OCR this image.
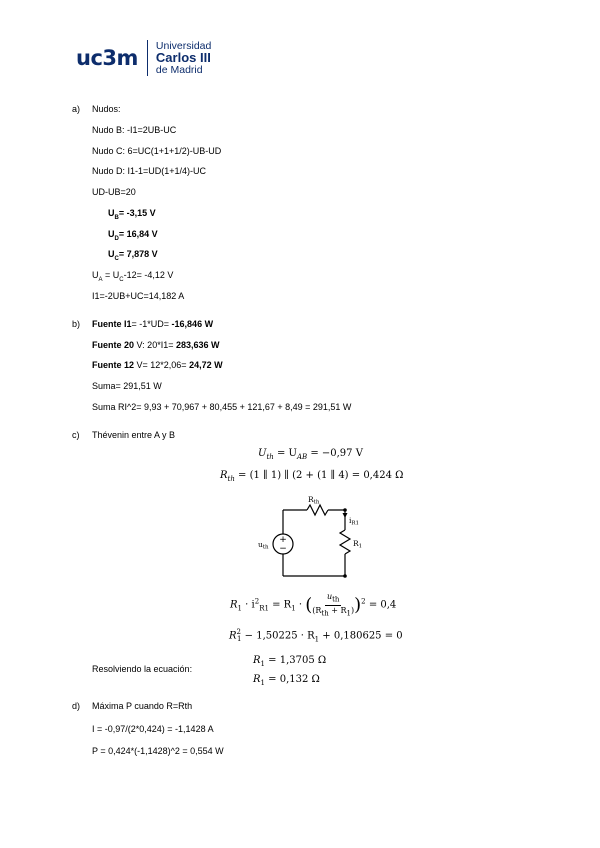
uc3m Universidad
Carlos III
de Madrid
a) Nudos:
Nudo B: -I1=2UB-UC
Nudo C: 6=UC(1+1+1/2)-UB-UD
Nudo D: I1-1=UD(1+1/4)-UC
UD-UB=20
$U_B= -3,15$ V
$U_D= 16,84$ V
$U_C= 7,878$ V
$U_A = U_C-12= -4,12$ V
I1=-2UB+UC=14,182 A
b) Fuente I1= -1*UD= -16,846 W
Fuente 20 V: 20*I1= 283,636 W
Fuente 12 V= 12*2,06= 24,72 W
Suma= 291,51 W
Suma RI^2= 9,93 + 70,967 + 80,455 + 121,67 + 8,49 = 291,51 W
c) Thévenin entre A y B
$U_{th} = U_{AB} = -0,97$ V
$R_{th} = (1$ ∥ 1) ∥ (2 + (1 ∥ 4) = 0,424 Ω
+
−
$R_{th}$
$u_{th}$
$i_{R1}$
$R_1$
$R_1 \cdot i^2_{R1} = R_1$ · ( $\frac{u_{th}}{(R_{th} + R_1)} )^2 = 0,4$
$R^2_1 - 1,50225 \cdot R_1 + 0,180625 = 0$
Resolviendo la ecuación:
$R_1 = 1,3705$ Ω
$R_1 = 0,132$ Ω
d) Máxima P cuando R=Rth
I = -0,97/(2*0,424) = -1,1428 A
P = 0,424*(-1,1428)^2 = 0,554 W
